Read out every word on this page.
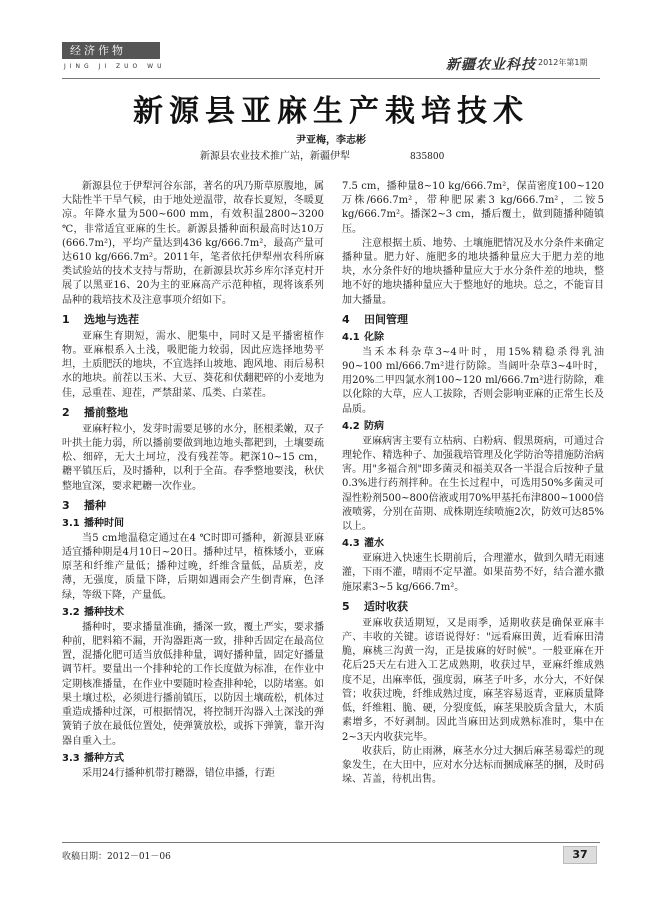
经济作物
JING JI ZUO WU	新疆农业科技 2012年第1期
新源县亚麻生产栽培技术
尹亚梅，李志彬
新源县农业技术推广站，新疆伊犁	835800
新源县位于伊犁河谷东部，著名的巩乃斯草原腹地，属大陆性半干旱气候，由于地处逆温带，故春长夏短，冬暖夏凉。年降水量为500~600 mm，有效积温2800~3200 ℃，非常适宜亚麻的生长。新源县播种面积最高时达10万(666.7m²)，平均产量达到436 kg/666.7m²，最高产量可达610 kg/666.7m²。2011年，笔者依托伊犁州农科所麻类试验站的技术支持与帮助，在新源县坎苏乡库尔泽克村开展了以黑亚16、20为主的亚麻高产示范种植，现将该系列品种的栽培技术及注意事项介绍如下。
1 选地与选茬
亚麻生育期短，需水、肥集中，同时又是平播密植作物。亚麻根系入土浅，吸肥能力较弱，因此应选择地势平坦，土质肥沃的地块，不宜选择山坡地、跑风地、雨后易积水的地块。前茬以玉米、大豆、葵花和伏翻耙碎的小麦地为佳，忌重茬、迎茬，严禁甜菜、瓜类、白菜茬。
2 播前整地
亚麻籽粒小，发芽时需要足够的水分，胚根柔嫩，双子叶拱土能力弱，所以播前要做到地边地头都耙到，土壤要疏松、细碎，无大土坷垃，没有残茬等。耙深10~15 cm，耱平镇压后，及时播种，以利于全苗。春季整地要浅，秋伏整地宜深，要求耙耱一次作业。
3 播种
3.1 播种时间
当5 cm地温稳定通过在4 ℃时即可播种，新源县亚麻适宜播种期是4月10日~20日。播种过早，植株矮小，亚麻原茎和纤维产量低；播种过晚，纤维含量低，品质差，皮薄，无强度，质量下降，后期如遇雨会产生倒青麻，色泽绿，等级下降，产量低。
3.2 播种技术
播种时，要求播量准确，播深一致，覆土严实，要求播种前，肥料箱不漏，开沟器距离一致，排种舌固定在最高位置，混播化肥可适当放低排种量，调好播种量，固定好播量调节杆。要量出一个排种轮的工作长度做为标准，在作业中定期核准播量，在作业中要随时检查排种轮，以防堵塞。如果土壤过松，必须进行播前镇压，以防因土壤疏松，机体过重造成播种过深，可根据情况，将控制开沟器入土深浅的弹簧销子放在最低位置处，使弹簧放松，或拆下弹簧，靠开沟器自重入土。
3.3 播种方式
采用24行播种机带打耱器，错位串播，行距
7.5 cm，播种量8~10 kg/666.7m²，保苗密度100~120万株/666.7m²，带种肥尿素3 kg/666.7m²，二铵5 kg/666.7m²。播深2~3 cm，播后覆土，做到随播种随镇压。
注意根据土质、地势、土壤施肥情况及水分条件来确定播种量。肥力好、施肥多的地块播种量应大于肥力差的地块，水分条件好的地块播种量应大于水分条件差的地块，整地不好的地块播种量应大于整地好的地块。总之，不能盲目加大播量。
4 田间管理
4.1 化除
当禾本科杂草3~4叶时，用15%精稳杀得乳油90~100 ml/666.7m²进行防除。当阔叶杂草3~4叶时，用20%二甲四氯水剂100~120 ml/666.7m²进行防除，难以化除的大草，应人工拔除，否则会影响亚麻的正常生长及品质。
4.2 防病
亚麻病害主要有立枯病、白粉病、假黑斑病，可通过合理轮作、精选种子、加强栽培管理及化学防治等措施防治病害。用"多福合剂"即多菌灵和福美双各一半混合后按种子量0.3%进行药剂拌种。在生长过程中，可选用50%多菌灵可湿性粉剂500~800倍液或用70%甲基托布津800~1000倍液喷雾，分别在苗期、成株期连续喷施2次，防效可达85%以上。
4.3 灌水
亚麻进入快速生长期前后，合理灌水，做到久晴无雨速灌，下雨不灌，晴雨不定早灌。如果苗势不好，结合灌水撒施尿素3~5 kg/666.7m²。
5 适时收获
亚麻收获适期短，又是雨季，适期收获是确保亚麻丰产、丰收的关键。谚语说得好："远看麻田黄，近看麻田清脆，麻桃三沟黄一沟，正是拔麻的好时候"。一般亚麻在开花后25天左右进入工艺成熟期，收获过早，亚麻纤维成熟度不足，出麻率低，强度弱，麻茎子叶多，水分大，不好保管；收获过晚，纤维成熟过度，麻茎容易返青，亚麻质量降低，纤维粗、脆、硬，分裂度低，麻茎果胶质含量大，木质素增多，不好剥制。因此当麻田达到成熟标准时，集中在2~3天内收获完毕。
收获后，防止雨淋，麻茎水分过大捆后麻茎易霉烂的现象发生，在大田中，应对水分达标而捆成麻茎的捆，及时码垛、苫盖，待机出售。
收稿日期：2012－01－06	37
